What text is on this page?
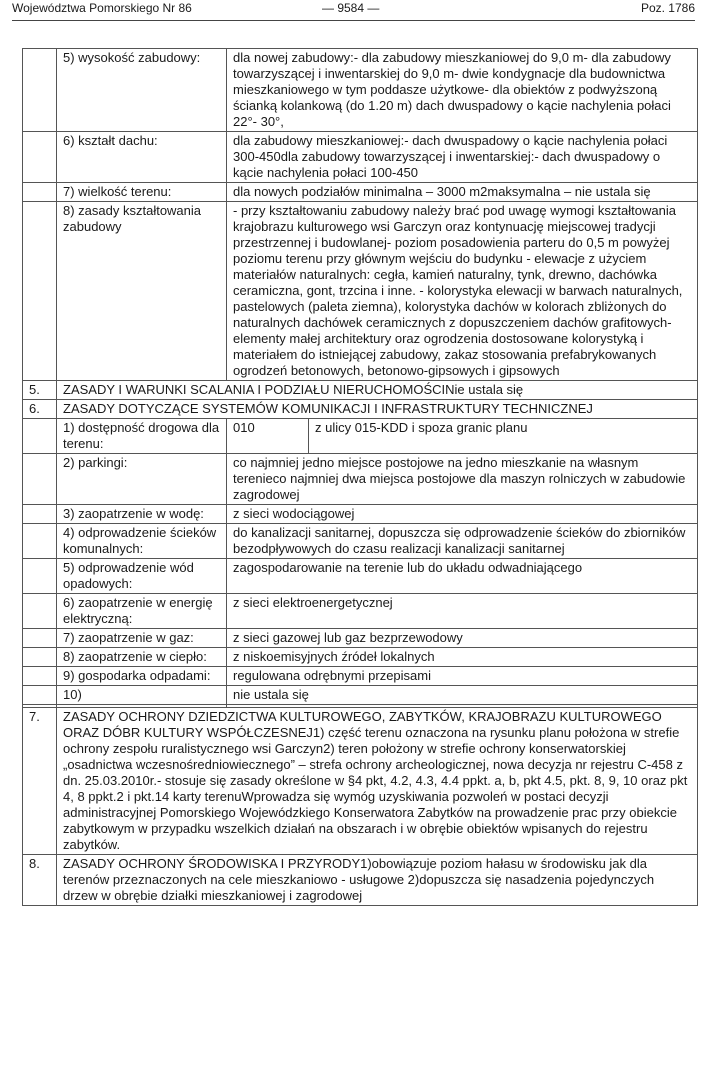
Województwa Pomorskiego Nr 86	— 9584 —	Poz. 1786
	5) wysokość zabudowy:	dla nowej zabudowy:- dla zabudowy mieszkaniowej do 9,0 m- dla zabudowy towarzyszącej i inwentarskiej do 9,0 m- dwie kondygnacje dla budownictwa mieszkaniowego w tym poddasze użytkowe- dla obiektów z podwyższoną ścianką kolankową (do 1.20 m) dach dwuspadowy o kącie nachylenia połaci 22°- 30°,	
	6) kształt dachu:	dla zabudowy mieszkaniowej:- dach dwuspadowy o kącie nachylenia połaci 300-450dla zabudowy towarzyszącej i inwentarskiej:- dach dwuspadowy o kącie nachylenia połaci 100-450	
	7) wielkość terenu:	dla nowych podziałów minimalna – 3000 m2maksymalna – nie ustala się	
	8) zasady kształtowania zabudowy	- przy kształtowaniu zabudowy należy brać pod uwagę wymogi kształtowania krajobrazu kulturowego wsi Garczyn oraz kontynuację miejscowej tradycji przestrzennej i budowlanej- poziom posadowienia parteru do 0,5 m powyżej poziomu terenu przy głównym wejściu do budynku - elewacje z użyciem materiałów naturalnych: cegła, kamień naturalny, tynk, drewno, dachówka ceramiczna, gont, trzcina i inne. - kolorystyka elewacji w barwach naturalnych, pastelowych (paleta ziemna), kolorystyka dachów w kolorach zbliżonych do naturalnych dachówek ceramicznych z dopuszczeniem dachów grafitowych- elementy małej architektury oraz ogrodzenia dostosowane kolorystyką i materiałem do istniejącej zabudowy, zakaz stosowania prefabrykowanych ogrodzeń betonowych, betonowo-gipsowych i gipsowych	
5.	ZASADY I WARUNKI SCALANIA I PODZIAŁU NIERUCHOMOŚCINie ustala się		
6.	ZASADY DOTYCZĄCE SYSTEMÓW KOMUNIKACJI I INFRASTRUKTURY TECHNICZNEJ		
	1) dostępność drogowa dla terenu:	010	z ulicy 015-KDD i spoza granic planu
	2) parkingi:	co najmniej jedno miejsce postojowe na jedno mieszkanie na własnym terenieco najmniej dwa miejsca postojowe dla maszyn rolniczych w zabudowie zagrodowej	
	3) zaopatrzenie w wodę:	z sieci wodociągowej	
	4) odprowadzenie ścieków komunalnych:	do kanalizacji sanitarnej, dopuszcza się odprowadzenie ścieków do zbiorników bezodpływowych do czasu realizacji kanalizacji sanitarnej	
	5) odprowadzenie wód opadowych:	zagospodarowanie na terenie lub do układu odwadniającego	
	6) zaopatrzenie w energię elektryczną:	z sieci elektroenergetycznej	
	7) zaopatrzenie w gaz:	z sieci gazowej lub gaz bezprzewodowy	
	8) zaopatrzenie w ciepło:	z niskoemisyjnych źródeł lokalnych	
	9) gospodarka odpadami:	regulowana odrębnymi przepisami	
	10)	nie ustala się	

7.	ZASADY OCHRONY DZIEDZICTWA KULTUROWEGO, ZABYTKÓW, KRAJOBRAZU KULTUROWEGO ORAZ DÓBR KULTURY WSPÓŁCZESNEJ1) część terenu oznaczona na rysunku planu położona w strefie ochrony zespołu ruralistycznego wsi Garczyn2) teren położony w strefie ochrony konserwatorskiej „osadnictwa wczesnośredniowiecznego” – strefa ochrony archeologicznej, nowa decyzja nr rejestru C-458 z dn. 25.03.2010r.- stosuje się zasady określone w §4 pkt, 4.2, 4.3, 4.4 ppkt. a, b, pkt 4.5, pkt. 8, 9, 10 oraz pkt 4, 8 ppkt.2 i pkt.14 karty terenuWprowadza się wymóg uzyskiwania pozwoleń w postaci decyzji administracyjnej Pomorskiego Wojewódzkiego Konserwatora Zabytków na prowadzenie prac przy obiekcie zabytkowym w przypadku wszelkich działań na obszarach i w obrębie obiektów wpisanych do rejestru zabytków.		
8.	ZASADY OCHRONY ŚRODOWISKA I PRZYRODY1)obowiązuje poziom hałasu w środowisku jak dla terenów przeznaczonych na cele mieszkaniowo - usługowe 2)dopuszcza się nasadzenia pojedynczych drzew w obrębie działki mieszkaniowej i zagrodowej		
